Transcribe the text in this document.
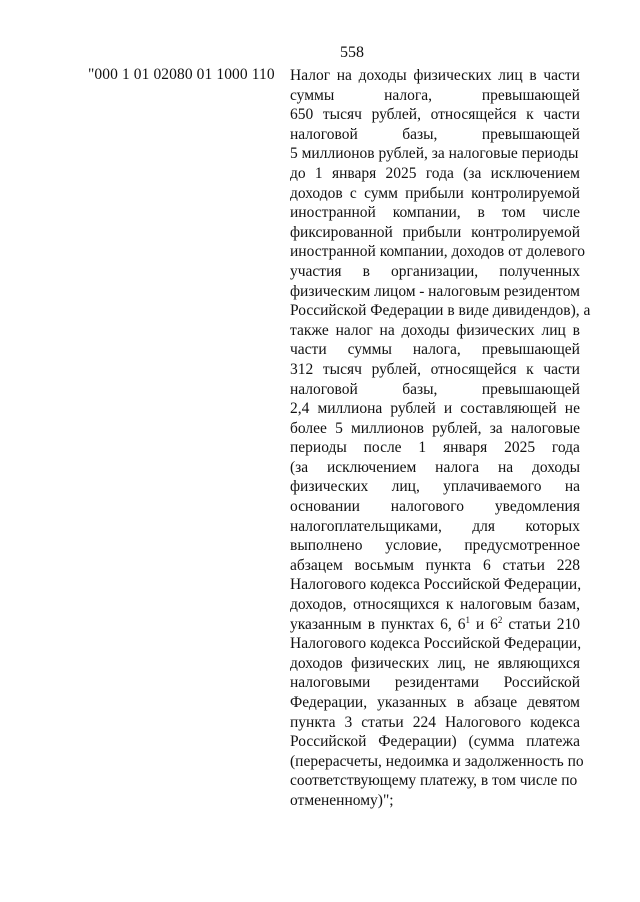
558
"000 1 01 02080 01 1000 110 Налог на доходы физических лиц в части
суммы	налога,	превышающей
650 тысяч рублей, относящейся к части
налоговой	базы,	превышающей
5 миллионов рублей, за налоговые периоды
до 1 января 2025 года (за исключением
доходов с сумм прибыли контролируемой
иностранной компании, в том числе
фиксированной прибыли контролируемой
иностранной компании, доходов от долевого
участия в организации, полученных
физическим лицом - налоговым резидентом
Российской Федерации в виде дивидендов), а
также налог на доходы физических лиц в
части суммы налога, превышающей
312 тысяч рублей, относящейся к части
налоговой	базы,	превышающей
2,4 миллиона рублей и составляющей не
более 5 миллионов рублей, за налоговые
периоды после 1 января 2025 года
(за исключением налога на доходы
физических лиц, уплачиваемого на
основании налогового уведомления
налогоплательщиками, для которых
выполнено условие, предусмотренное
абзацем восьмым пункта 6 статьи 228
Налогового кодекса Российской Федерации,
доходов, относящихся к налоговым базам,
указанным в пунктах 6, $6^1$ и $6^2$ статьи 210
Налогового кодекса Российской Федерации,
доходов физических лиц, не являющихся
налоговыми резидентами Российской
Федерации, указанных в абзаце девятом
пункта 3 статьи 224 Налогового кодекса
Российской Федерации) (сумма платежа
(перерасчеты, недоимка и задолженность по
соответствующему платежу, в том числе по
отмененному)";
